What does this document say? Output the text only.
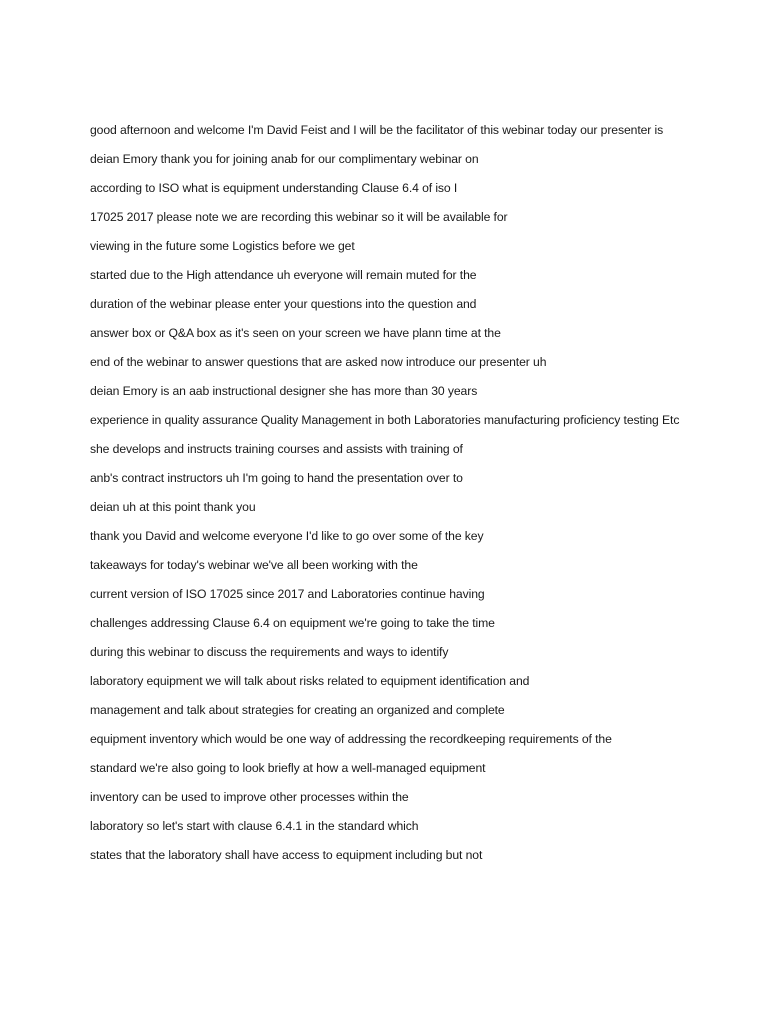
good afternoon and welcome I'm David Feist and I will be the facilitator of this webinar today our presenter is

deian Emory thank you for joining anab for our complimentary webinar on

according to ISO what is equipment understanding Clause 6.4 of iso I

17025 2017 please note we are recording this webinar so it will be available for

viewing in the future some Logistics before we get

started due to the High attendance uh everyone will remain muted for the

duration of the webinar please enter your questions into the question and

answer box or Q&A box as it's seen on your screen we have plann time at the

end of the webinar to answer questions that are asked now introduce our presenter uh

deian Emory is an aab instructional designer she has more than 30 years

experience in quality assurance Quality Management in both Laboratories manufacturing proficiency testing Etc

she develops and instructs training courses and assists with training of

anb's contract instructors uh I'm going to hand the presentation over to

deian uh at this point thank you

thank you David and welcome everyone I'd like to go over some of the key

takeaways for today's webinar we've all been working with the

current version of ISO 17025 since 2017 and Laboratories continue having

challenges addressing Clause 6.4 on equipment we're going to take the time

during this webinar to discuss the requirements and ways to identify

laboratory equipment we will talk about risks related to equipment identification and

management and talk about strategies for creating an organized and complete

equipment inventory which would be one way of addressing the recordkeeping requirements of the

standard we're also going to look briefly at how a well-managed equipment

inventory can be used to improve other processes within the

laboratory so let's start with clause 6.4.1 in the standard which

states that the laboratory shall have access to equipment including but not
